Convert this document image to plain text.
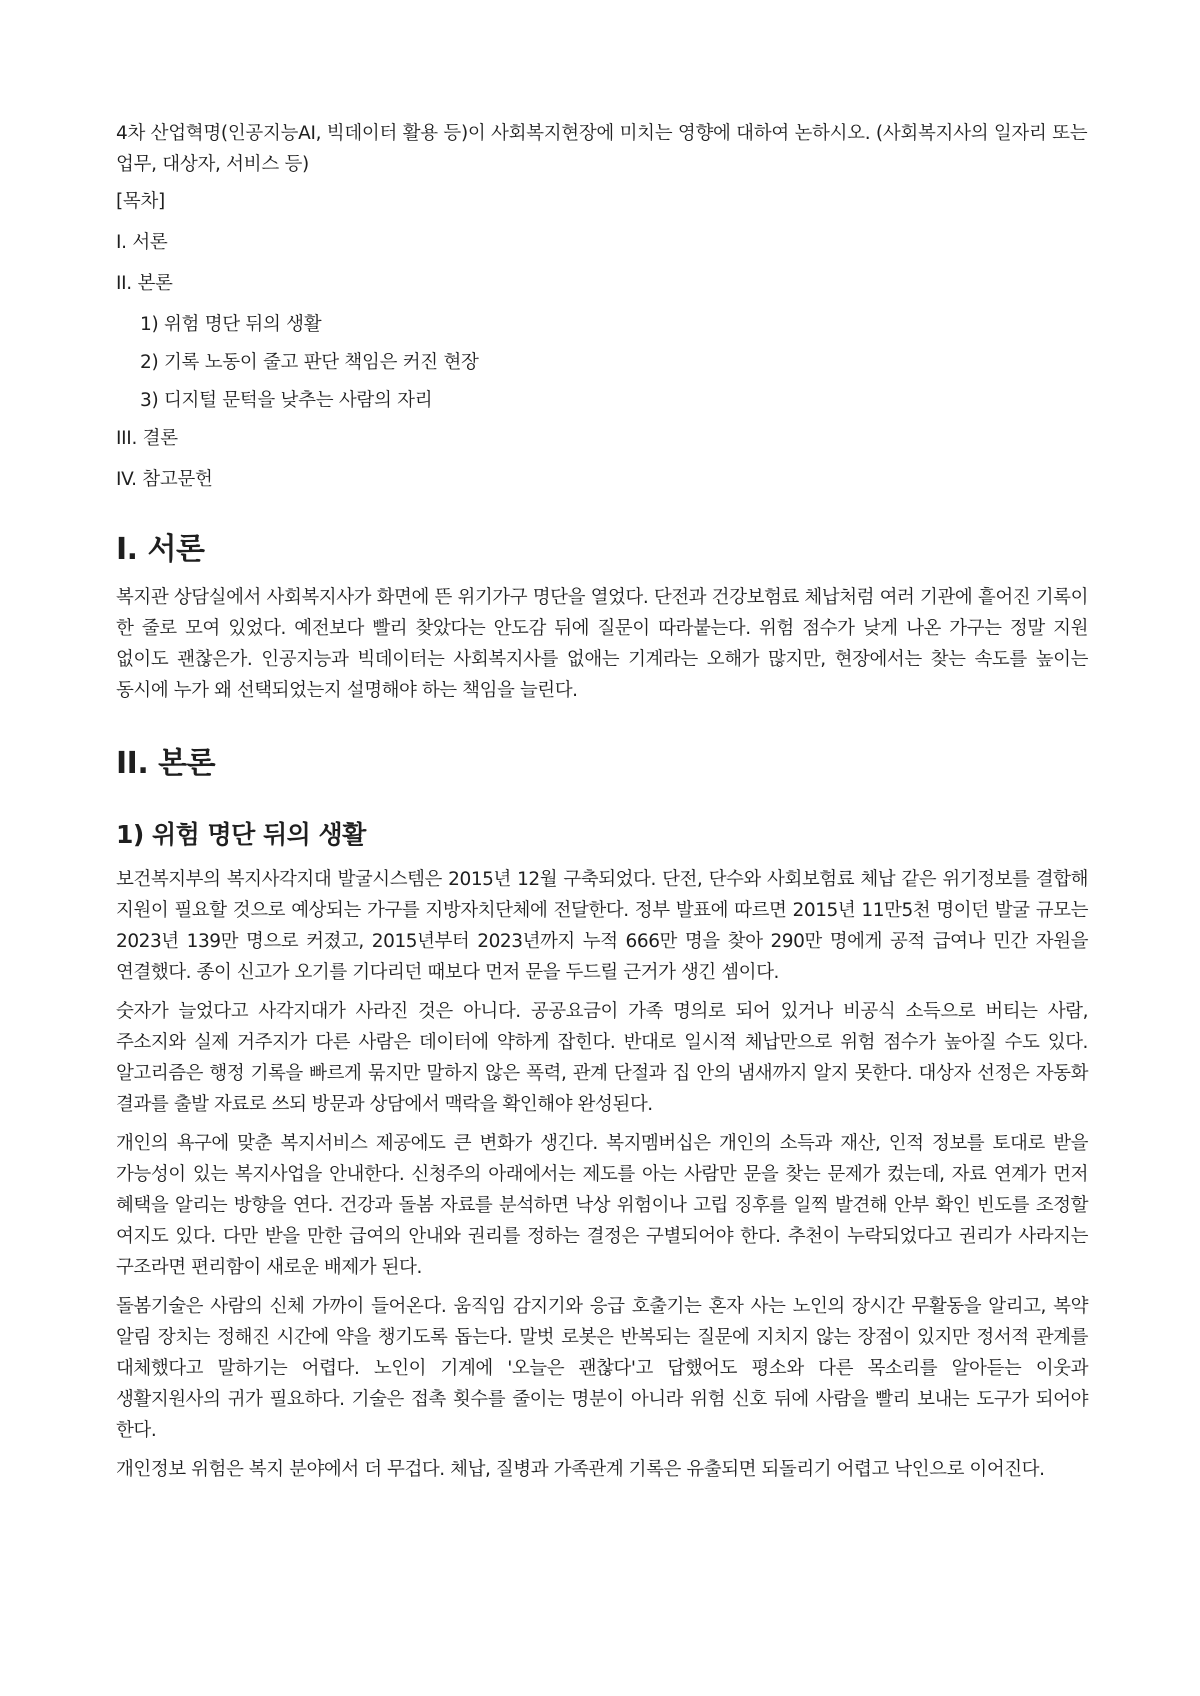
4차 산업혁명(인공지능AI, 빅데이터 활용 등)이 사회복지현장에 미치는 영향에 대하여 논하시오. (사회복지사의 일자리 또는 업무, 대상자, 서비스 등)

[목차]
I. 서론
II. 본론
1) 위험 명단 뒤의 생활
2) 기록 노동이 줄고 판단 책임은 커진 현장
3) 디지털 문턱을 낮추는 사람의 자리
III. 결론
IV. 참고문헌
I. 서론

복지관 상담실에서 사회복지사가 화면에 뜬 위기가구 명단을 열었다. 단전과 건강보험료 체납처럼 여러 기관에 흩어진 기록이 한 줄로 모여 있었다. 예전보다 빨리 찾았다는 안도감 뒤에 질문이 따라붙는다. 위험 점수가 낮게 나온 가구는 정말 지원 없이도 괜찮은가. 인공지능과 빅데이터는 사회복지사를 없애는 기계라는 오해가 많지만, 현장에서는 찾는 속도를 높이는 동시에 누가 왜 선택되었는지 설명해야 하는 책임을 늘린다.

II. 본론
1) 위험 명단 뒤의 생활

보건복지부의 복지사각지대 발굴시스템은 2015년 12월 구축되었다. 단전, 단수와 사회보험료 체납 같은 위기정보를 결합해 지원이 필요할 것으로 예상되는 가구를 지방자치단체에 전달한다. 정부 발표에 따르면 2015년 11만5천 명이던 발굴 규모는 2023년 139만 명으로 커졌고, 2015년부터 2023년까지 누적 666만 명을 찾아 290만 명에게 공적 급여나 민간 자원을 연결했다. 종이 신고가 오기를 기다리던 때보다 먼저 문을 두드릴 근거가 생긴 셈이다.

숫자가 늘었다고 사각지대가 사라진 것은 아니다. 공공요금이 가족 명의로 되어 있거나 비공식 소득으로 버티는 사람, 주소지와 실제 거주지가 다른 사람은 데이터에 약하게 잡힌다. 반대로 일시적 체납만으로 위험 점수가 높아질 수도 있다. 알고리즘은 행정 기록을 빠르게 묶지만 말하지 않은 폭력, 관계 단절과 집 안의 냄새까지 알지 못한다. 대상자 선정은 자동화 결과를 출발 자료로 쓰되 방문과 상담에서 맥락을 확인해야 완성된다.

개인의 욕구에 맞춘 복지서비스 제공에도 큰 변화가 생긴다. 복지멤버십은 개인의 소득과 재산, 인적 정보를 토대로 받을 가능성이 있는 복지사업을 안내한다. 신청주의 아래에서는 제도를 아는 사람만 문을 찾는 문제가 컸는데, 자료 연계가 먼저 혜택을 알리는 방향을 연다. 건강과 돌봄 자료를 분석하면 낙상 위험이나 고립 징후를 일찍 발견해 안부 확인 빈도를 조정할 여지도 있다. 다만 받을 만한 급여의 안내와 권리를 정하는 결정은 구별되어야 한다. 추천이 누락되었다고 권리가 사라지는 구조라면 편리함이 새로운 배제가 된다.

돌봄기술은 사람의 신체 가까이 들어온다. 움직임 감지기와 응급 호출기는 혼자 사는 노인의 장시간 무활동을 알리고, 복약 알림 장치는 정해진 시간에 약을 챙기도록 돕는다. 말벗 로봇은 반복되는 질문에 지치지 않는 장점이 있지만 정서적 관계를 대체했다고 말하기는 어렵다. 노인이 기계에 '오늘은 괜찮다'고 답했어도 평소와 다른 목소리를 알아듣는 이웃과 생활지원사의 귀가 필요하다. 기술은 접촉 횟수를 줄이는 명분이 아니라 위험 신호 뒤에 사람을 빨리 보내는 도구가 되어야 한다.

개인정보 위험은 복지 분야에서 더 무겁다. 체납, 질병과 가족관계 기록은 유출되면 되돌리기 어렵고 낙인으로 이어진다.
